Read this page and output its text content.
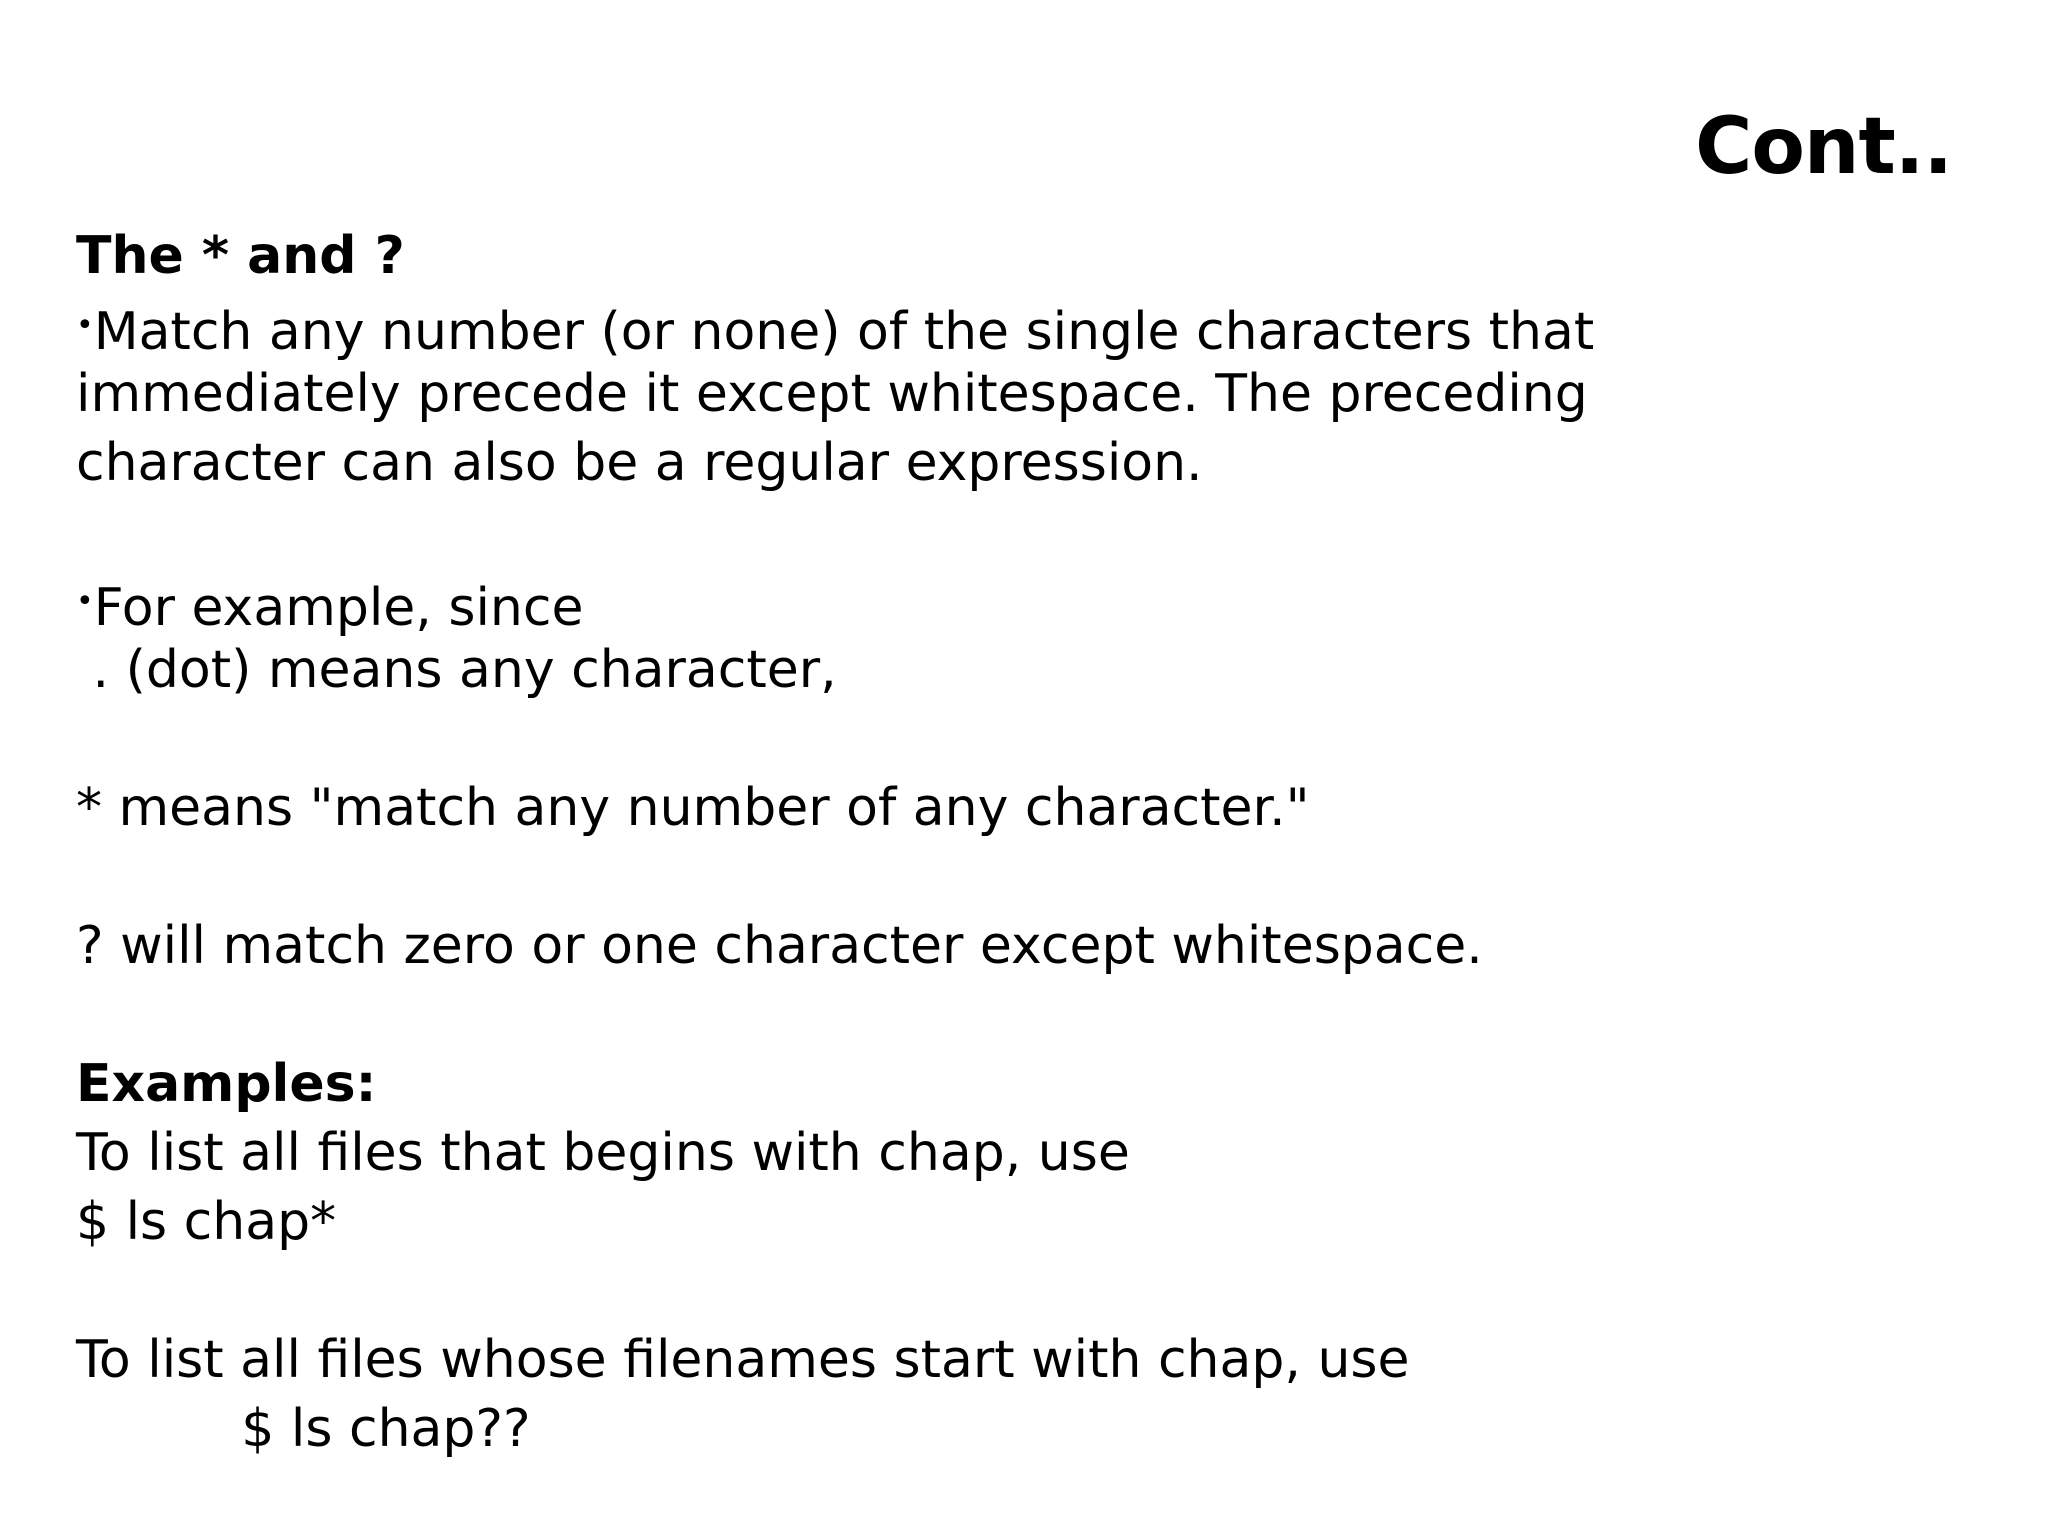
Cont..
The * and ?
•Match any number (or none) of the single characters that
immediately precede it except whitespace. The preceding
character can also be a regular expression.
•For example, since
. (dot) means any character,
* means "match any number of any character."
? will match zero or one character except whitespace.
Examples:
To list all files that begins with chap, use
$ ls chap*
To list all files whose filenames start with chap, use
$ ls chap??
